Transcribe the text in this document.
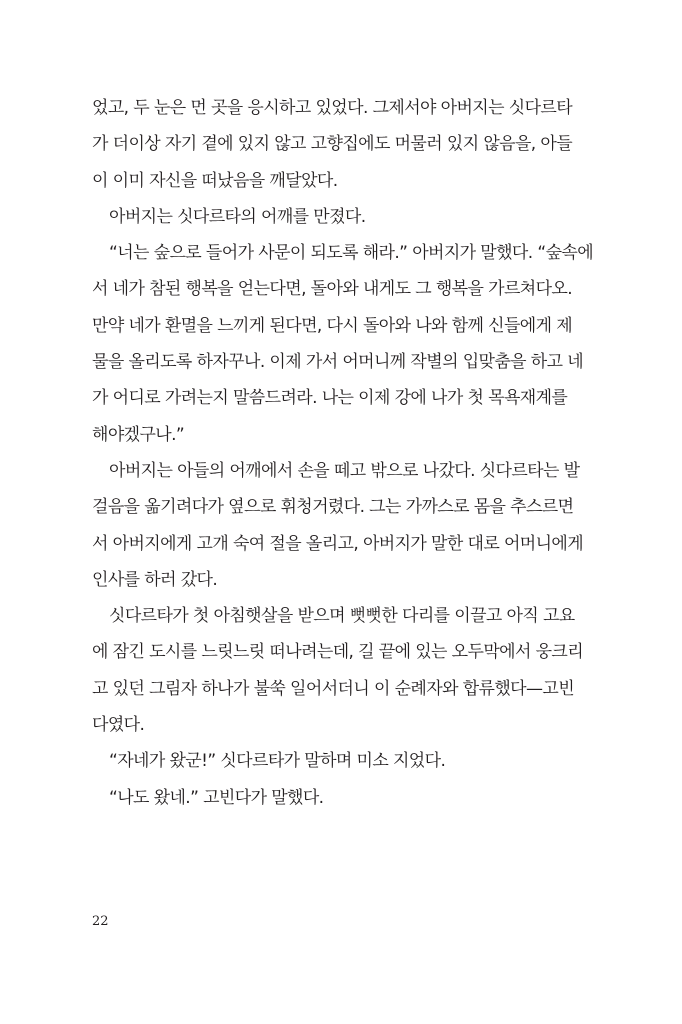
었고, 두 눈은 먼 곳을 응시하고 있었다. 그제서야 아버지는 싯다르타
가 더이상 자기 곁에 있지 않고 고향집에도 머물러 있지 않음을, 아들
이 이미 자신을 떠났음을 깨달았다.
아버지는 싯다르타의 어깨를 만졌다.
“너는 숲으로 들어가 사문이 되도록 해라.” 아버지가 말했다. “숲속에
서 네가 참된 행복을 얻는다면, 돌아와 내게도 그 행복을 가르쳐다오.
만약 네가 환멸을 느끼게 된다면, 다시 돌아와 나와 함께 신들에게 제
물을 올리도록 하자꾸나. 이제 가서 어머니께 작별의 입맞춤을 하고 네
가 어디로 가려는지 말씀드려라. 나는 이제 강에 나가 첫 목욕재계를
해야겠구나.”
아버지는 아들의 어깨에서 손을 떼고 밖으로 나갔다. 싯다르타는 발
걸음을 옮기려다가 옆으로 휘청거렸다. 그는 가까스로 몸을 추스르면
서 아버지에게 고개 숙여 절을 올리고, 아버지가 말한 대로 어머니에게
인사를 하러 갔다.
싯다르타가 첫 아침햇살을 받으며 뻣뻣한 다리를 이끌고 아직 고요
에 잠긴 도시를 느릿느릿 떠나려는데, 길 끝에 있는 오두막에서 웅크리
고 있던 그림자 하나가 불쑥 일어서더니 이 순례자와 합류했다—고빈
다였다.
“자네가 왔군!” 싯다르타가 말하며 미소 지었다.
“나도 왔네.” 고빈다가 말했다.
22
